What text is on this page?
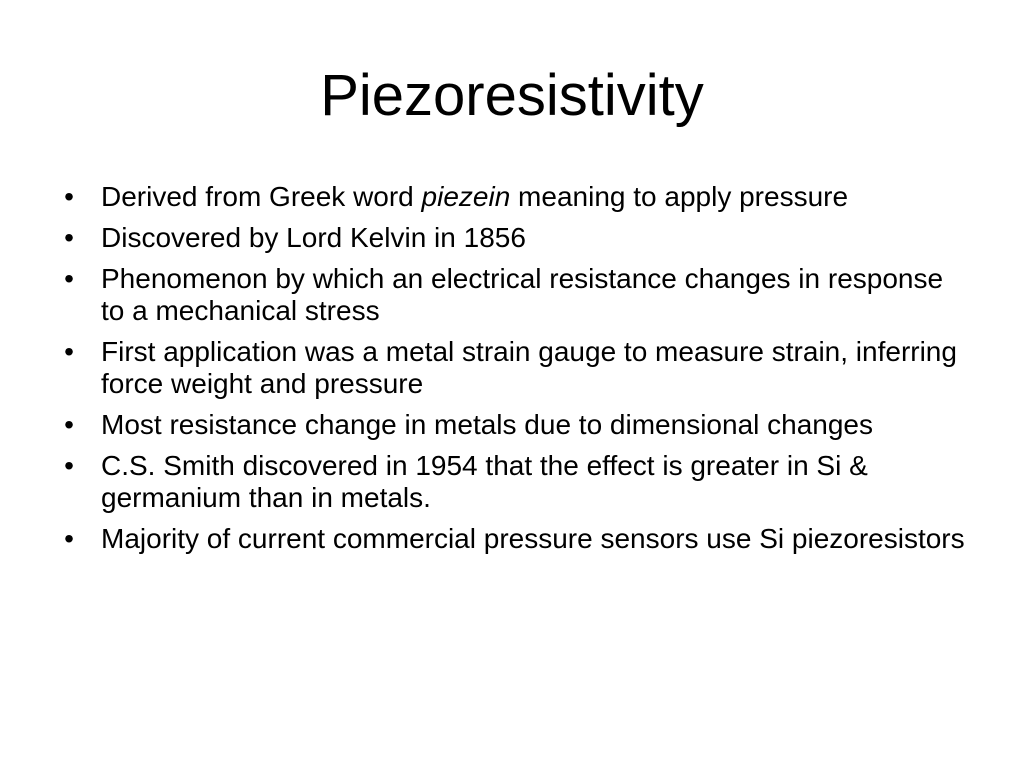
Piezoresistivity
• Derived from Greek word piezein meaning to apply pressure
• Discovered by Lord Kelvin in 1856
• Phenomenon by which an electrical resistance changes in response to a mechanical stress
• First application was a metal strain gauge to measure strain, inferring force weight and pressure
• Most resistance change in metals due to dimensional changes
• C.S. Smith discovered in 1954 that the effect is greater in Si & germanium than in metals.
• Majority of current commercial pressure sensors use Si piezoresistors
